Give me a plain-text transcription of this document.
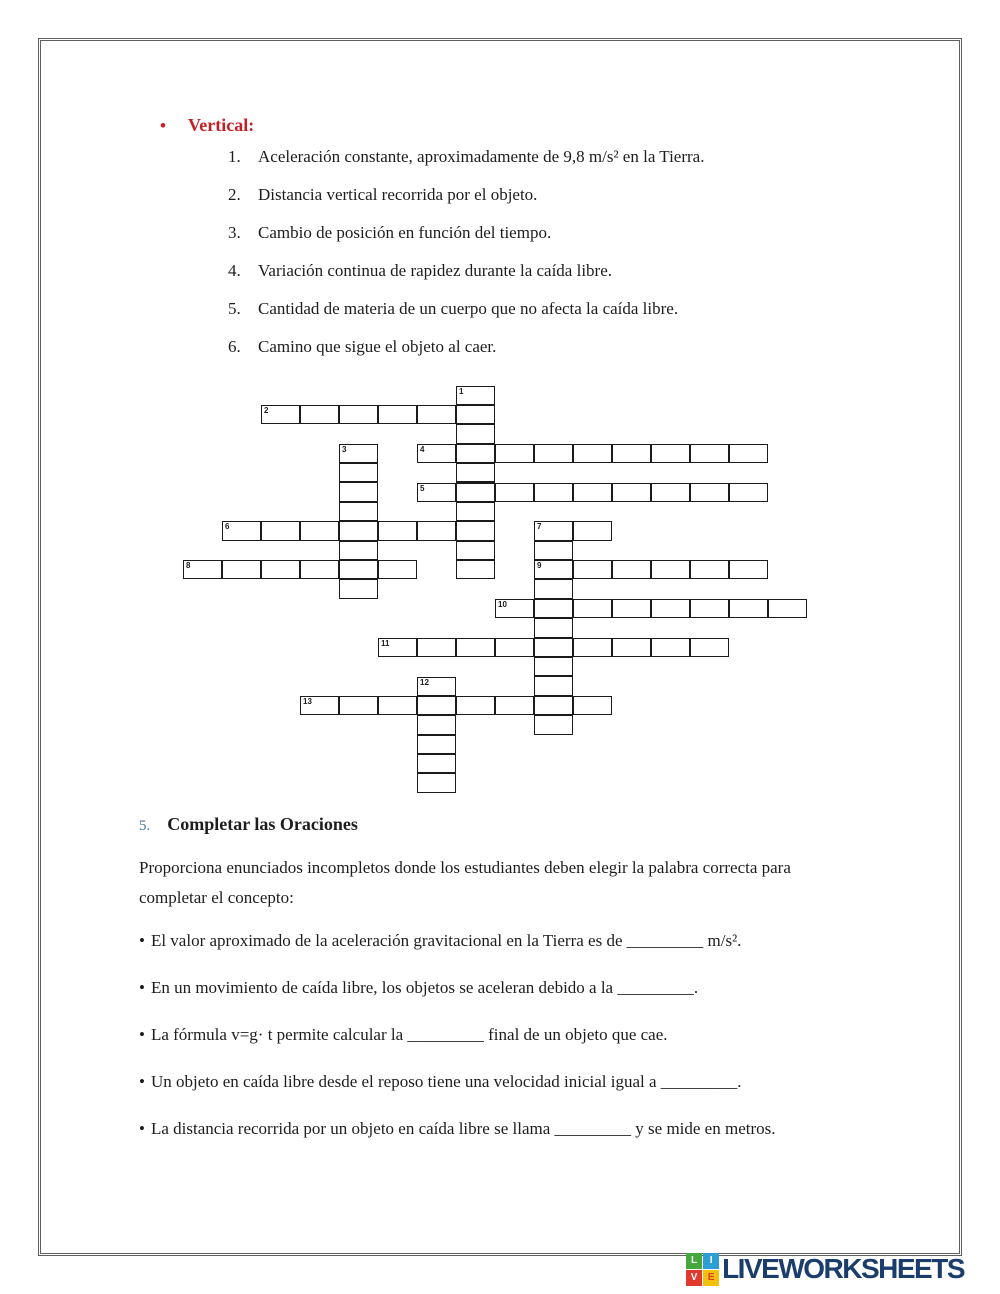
• Vertical:
1.	Aceleración constante, aproximadamente de 9,8 m/s² en la Tierra.
2.	Distancia vertical recorrida por el objeto.
3.	Cambio de posición en función del tiempo.
4.	Variación continua de rapidez durante la caída libre.
5.	Cantidad de materia de un cuerpo que no afecta la caída libre.
6.	Camino que sigue el objeto al caer.
1
2
3	4
5
6	7
8	9
10
11
12
13
5. Completar las Oraciones
Proporciona enunciados incompletos donde los estudiantes deben elegir la palabra correcta para completar el concepto:
• El valor aproximado de la aceleración gravitacional en la Tierra es de _________ m/s².
• En un movimiento de caída libre, los objetos se aceleran debido a la _________.
• La fórmula v=g· t permite calcular la _________ final de un objeto que cae.
• Un objeto en caída libre desde el reposo tiene una velocidad inicial igual a _________.
• La distancia recorrida por un objeto en caída libre se llama _________ y se mide en metros.
L	I
V	E LIVEWORKSHEETS
